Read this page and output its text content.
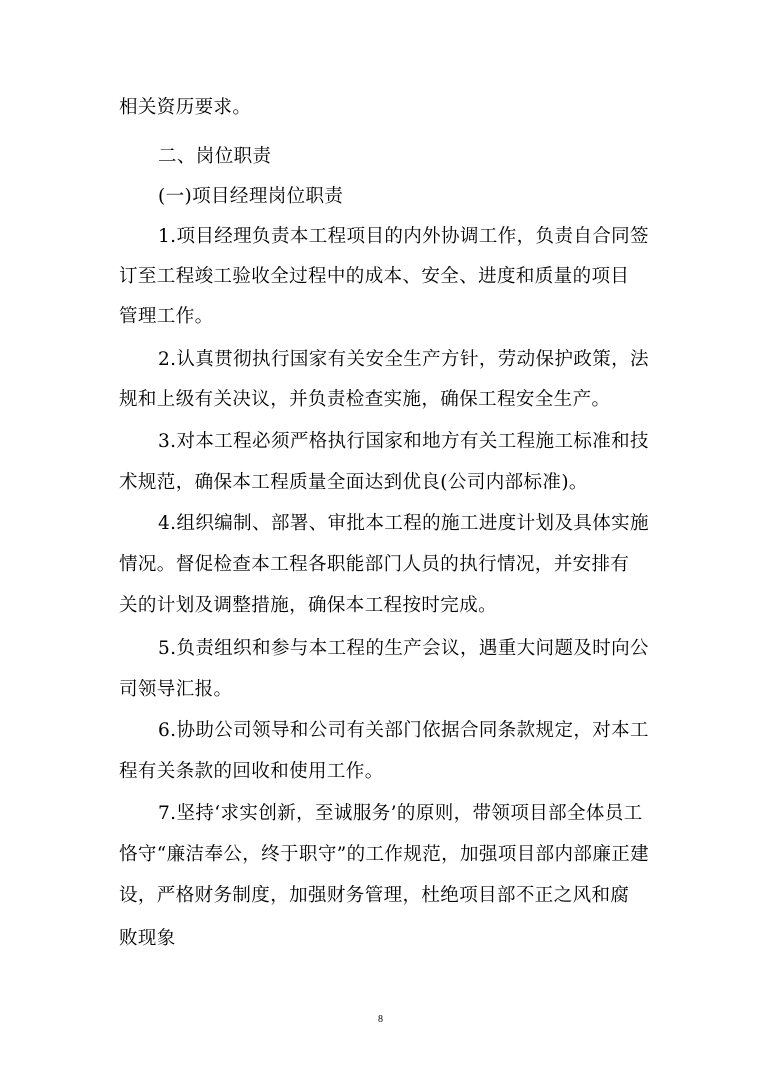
相关资历要求。
二、岗位职责
(一)项目经理岗位职责
1.项目经理负责本工程项目的内外协调工作，负责自合同签
订至工程竣工验收全过程中的成本、安全、进度和质量的项目
管理工作。
2.认真贯彻执行国家有关安全生产方针，劳动保护政策，法
规和上级有关决议，并负责检查实施，确保工程安全生产。
3.对本工程必须严格执行国家和地方有关工程施工标准和技
术规范，确保本工程质量全面达到优良(公司内部标准)。
4.组织编制、部署、审批本工程的施工进度计划及具体实施
情况。督促检查本工程各职能部门人员的执行情况，并安排有
关的计划及调整措施，确保本工程按时完成。
5.负责组织和参与本工程的生产会议，遇重大问题及时向公
司领导汇报。
6.协助公司领导和公司有关部门依据合同条款规定，对本工
程有关条款的回收和使用工作。
7.坚持‘求实创新，至诚服务’的原则，带领项目部全体员工
恪守“廉洁奉公，终于职守”的工作规范，加强项目部内部廉正建
设，严格财务制度，加强财务管理，杜绝项目部不正之风和腐
败现象
8
